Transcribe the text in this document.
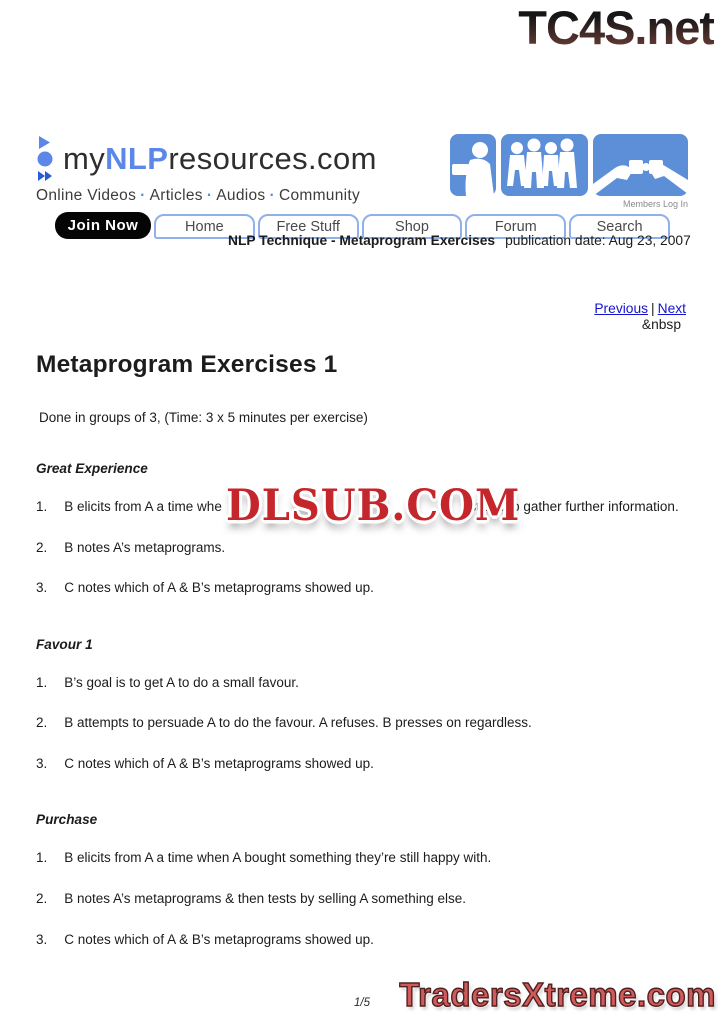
TC4S.net
myNLPresources.com
Online Videos · Articles · Audios · Community	Members Log In
Join Now	Home	Free Stuff	Shop	Forum	Search
NLP Technique - Metaprogram Exercises publication date: Aug 23, 2007
Previous | Next
&nbsp
Metaprogram Exercises 1

Done in groups of 3, (Time: 3 x 5 minutes per exercise)

Great Experience

1. B elicits from A a time whe	estions to gather further information.

2. B notes A’s metaprograms.

3. C notes which of A & B’s metaprograms showed up.

Favour 1

1. B’s goal is to get A to do a small favour.

2. B attempts to persuade A to do the favour. A refuses. B presses on regardless.

3. C notes which of A & B’s metaprograms showed up.

Purchase

1. B elicits from A a time when A bought something they’re still happy with.

2. B notes A’s metaprograms & then tests by selling A something else.

3. C notes which of A & B’s metaprograms showed up.

DLSUB.COM
1/5 TradersXtreme.com
